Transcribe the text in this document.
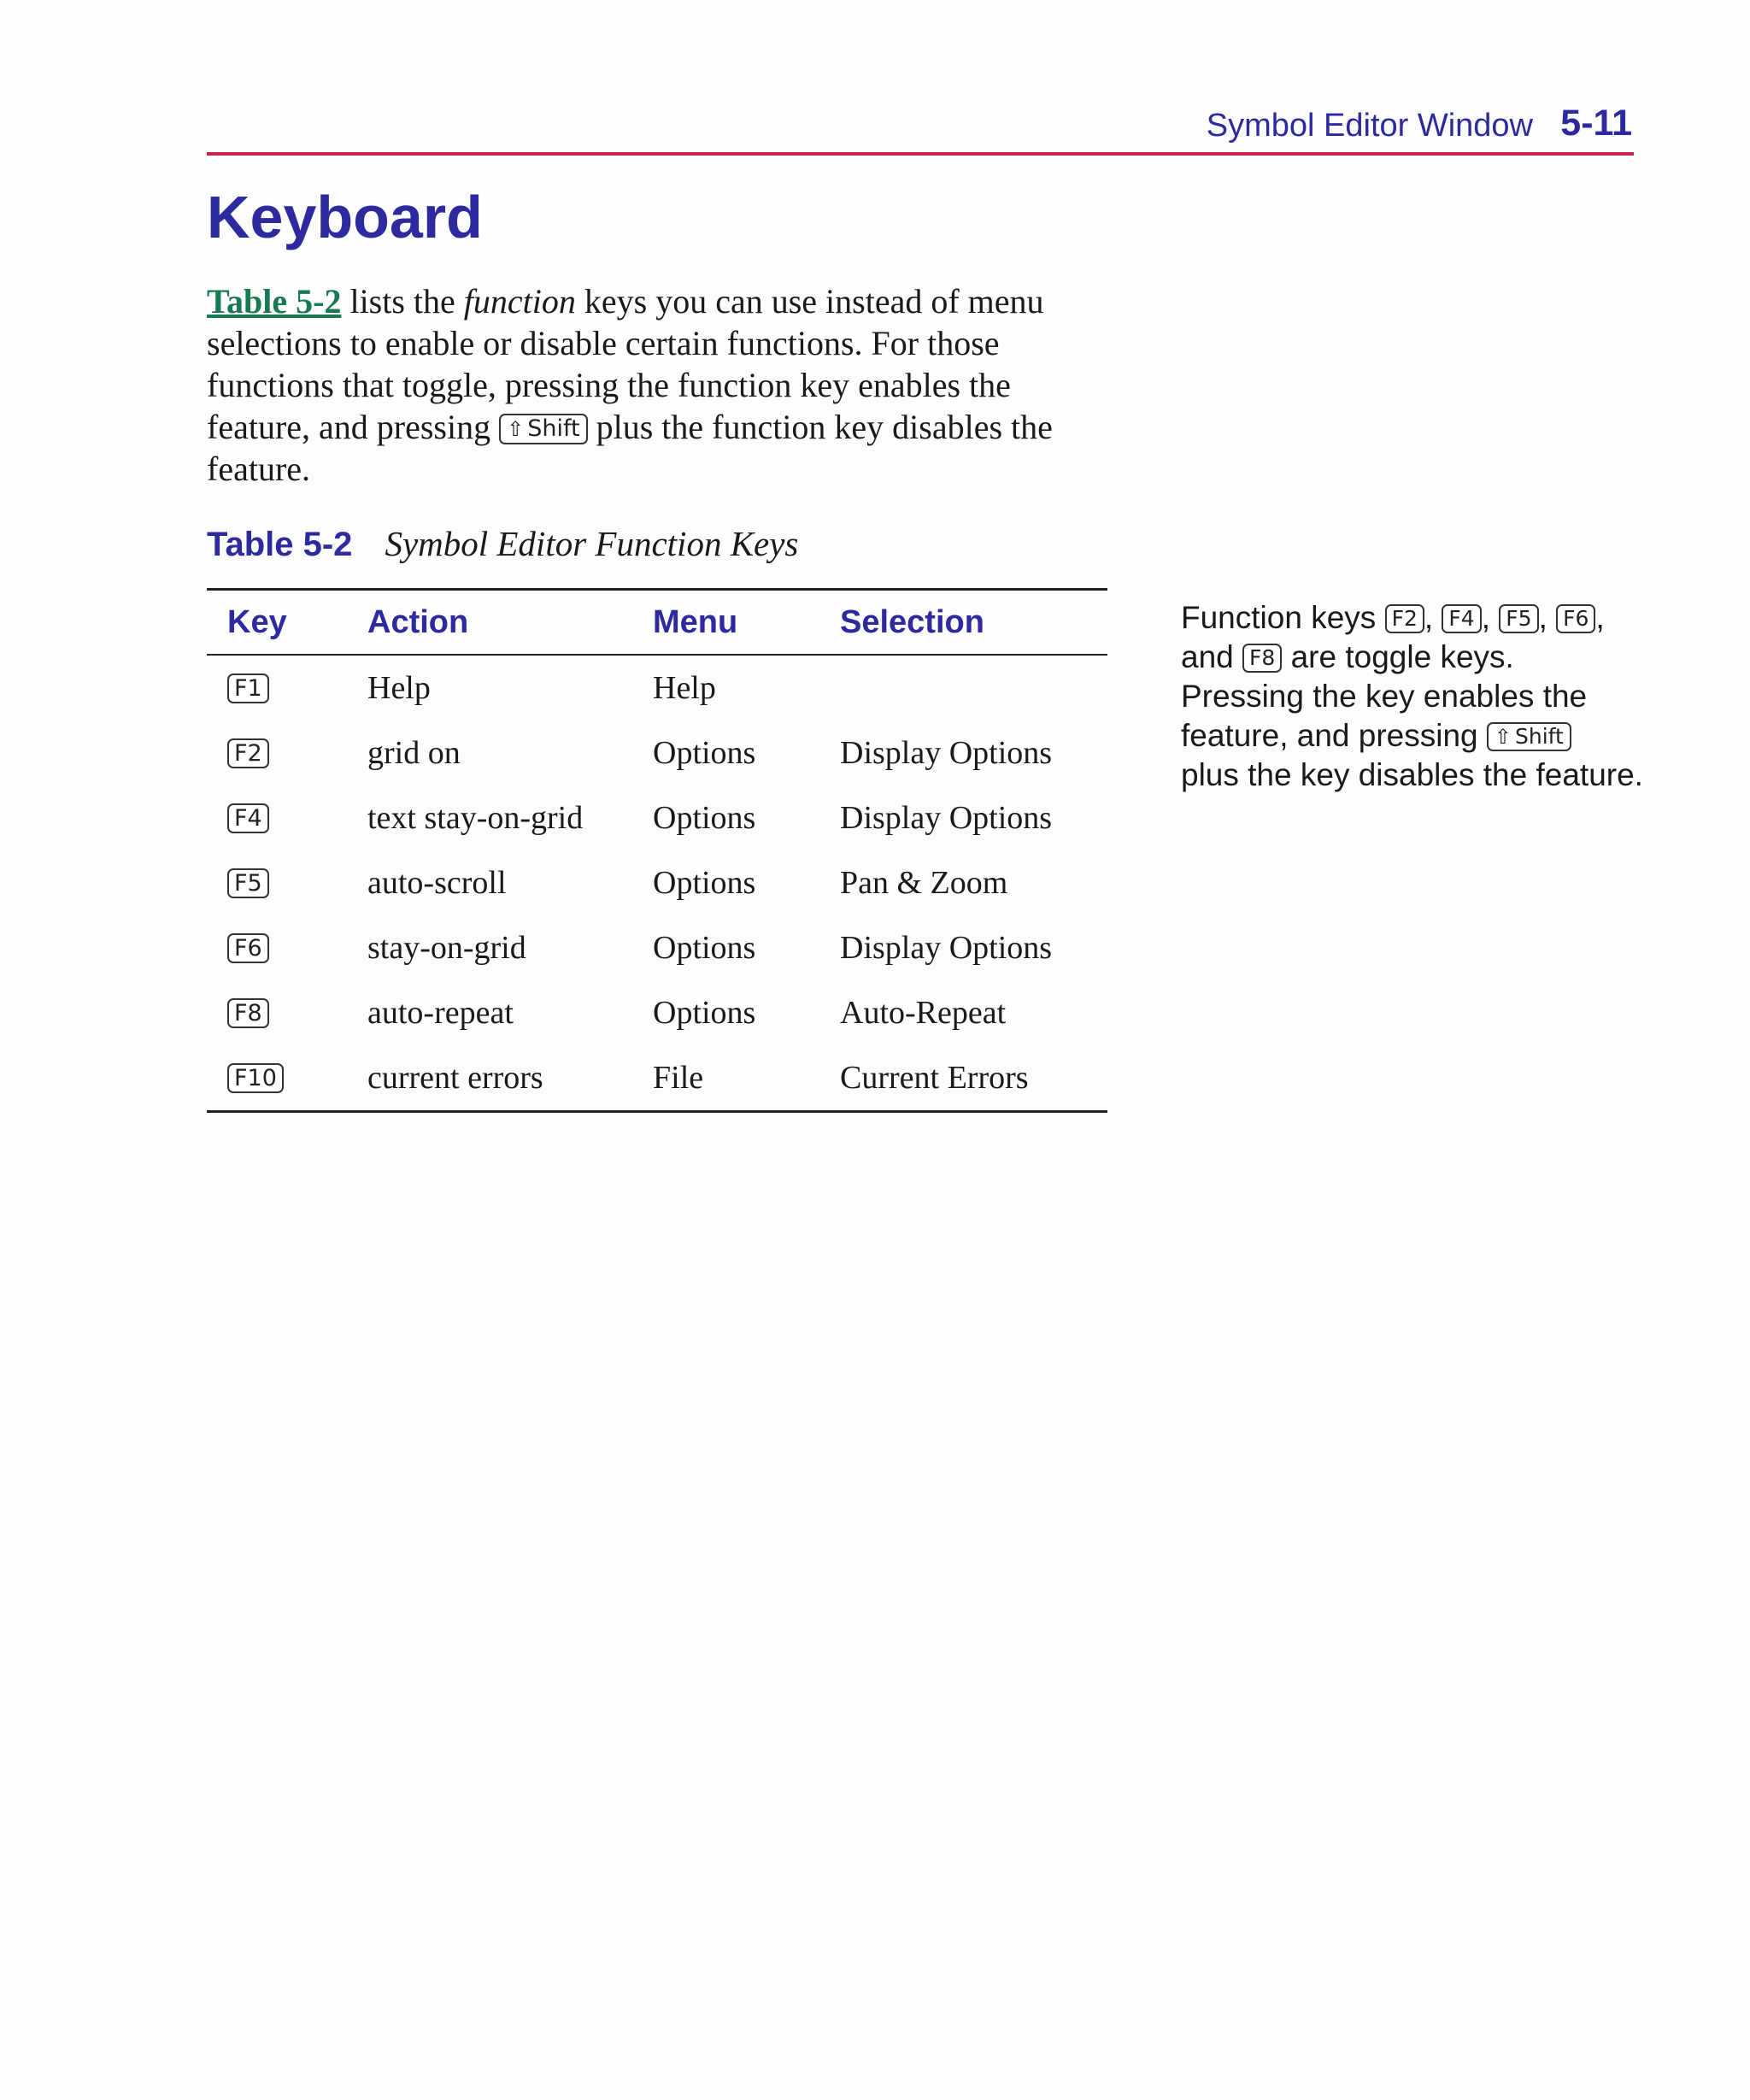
Symbol Editor Window 5-11
Keyboard

Table 5-2 lists the function keys you can use instead of menu selections to enable or disable certain functions. For those functions that toggle, pressing the function key enables the feature, and pressing ⇧ Shift plus the function key disables the feature.

Table 5-2 Symbol Editor Function Keys
Key	Action	Menu	Selection
F1	Help	Help	
F2	grid on	Options	Display Options
F4	text stay-on-grid	Options	Display Options
F5	auto-scroll	Options	Pan & Zoom
F6	stay-on-grid	Options	Display Options
F8	auto-repeat	Options	Auto-Repeat
F10	current errors	File	Current Errors
Function keys F2 , F4 , F5 , F6 ,
and F8 are toggle keys.
Pressing the key enables the
feature, and pressing ⇧ Shift
plus the key disables the feature.
